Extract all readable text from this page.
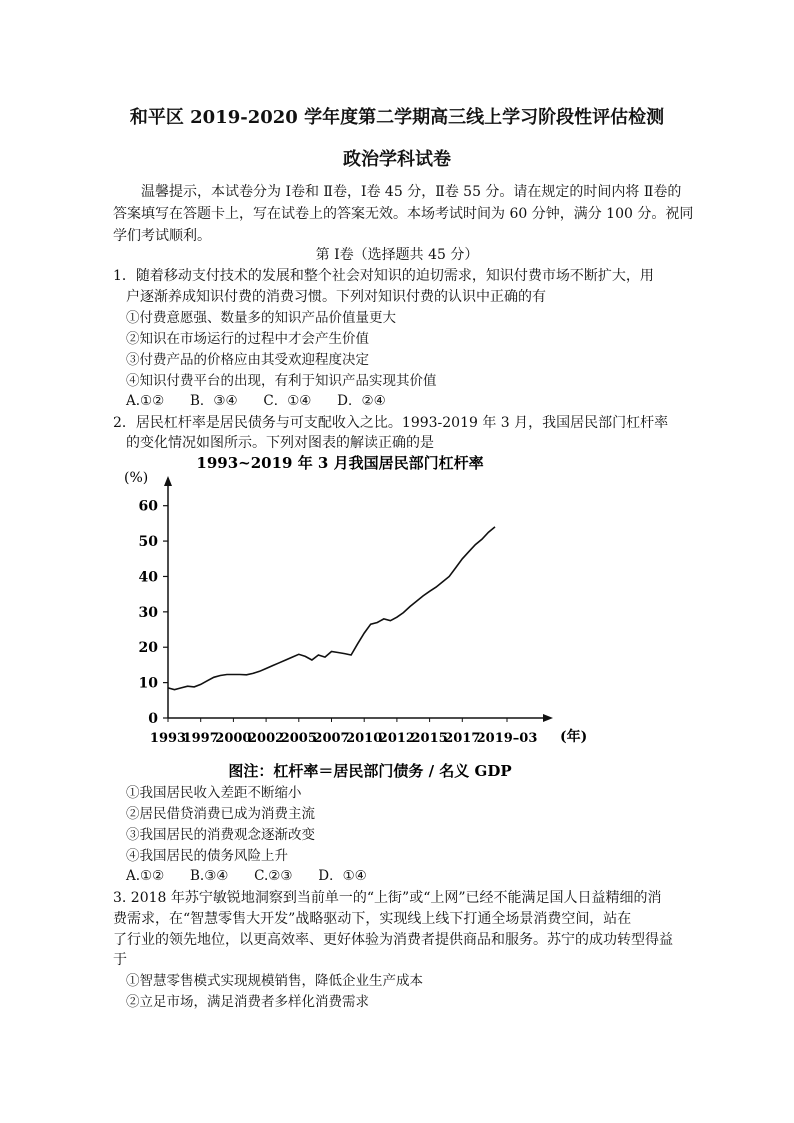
和平区 2019-2020 学年度第二学期高三线上学习阶段性评估检测
政治学科试卷
温馨提示，本试卷分为 Ⅰ卷和 Ⅱ卷，Ⅰ卷 45 分，Ⅱ卷 55 分。请在规定的时间内将 Ⅱ卷的
答案填写在答题卡上，写在试卷上的答案无效。本场考试时间为 60 分钟，满分 100 分。祝同
学们考试顺利。
第 Ⅰ卷（选择题共 45 分）
1．随着移动支付技术的发展和整个社会对知识的迫切需求，知识付费市场不断扩大，用
户逐渐养成知识付费的消费习惯。下列对知识付费的认识中正确的有
①付费意愿强、数量多的知识产品价值量更大
②知识在市场运行的过程中才会产生价值
③付费产品的价格应由其受欢迎程度决定
④知识付费平台的出现，有利于知识产品实现其价值
A.①②      B．③④      C．①④      D．②④
2．居民杠杆率是居民债务与可支配收入之比。1993-2019 年 3 月，我国居民部门杠杆率
的变化情况如图所示。下列对图表的解读正确的是
1993~2019 年 3 月我国居民部门杠杆率
(%)
0
10
20
30
40
50
60
1993
1997
2000
2002
2005
2007
2010
2012
2015
2017
2019–03 (年)
图注：杠杆率＝居民部门债务 / 名义 GDP
①我国居民收入差距不断缩小
②居民借贷消费已成为消费主流
③我国居民的消费观念逐渐改变
④我国居民的债务风险上升
A.①②      B.③④      C.②③      D．①④
3. 2018 年苏宁敏锐地洞察到当前单一的“上街”或“上网”已经不能满足国人日益精细的消
费需求，在“智慧零售大开发”战略驱动下，实现线上线下打通全场景消费空间，站在
了行业的领先地位，以更高效率、更好体验为消费者提供商品和服务。苏宁的成功转型得益
于
①智慧零售模式实现规模销售，降低企业生产成本
②立足市场，满足消费者多样化消费需求
